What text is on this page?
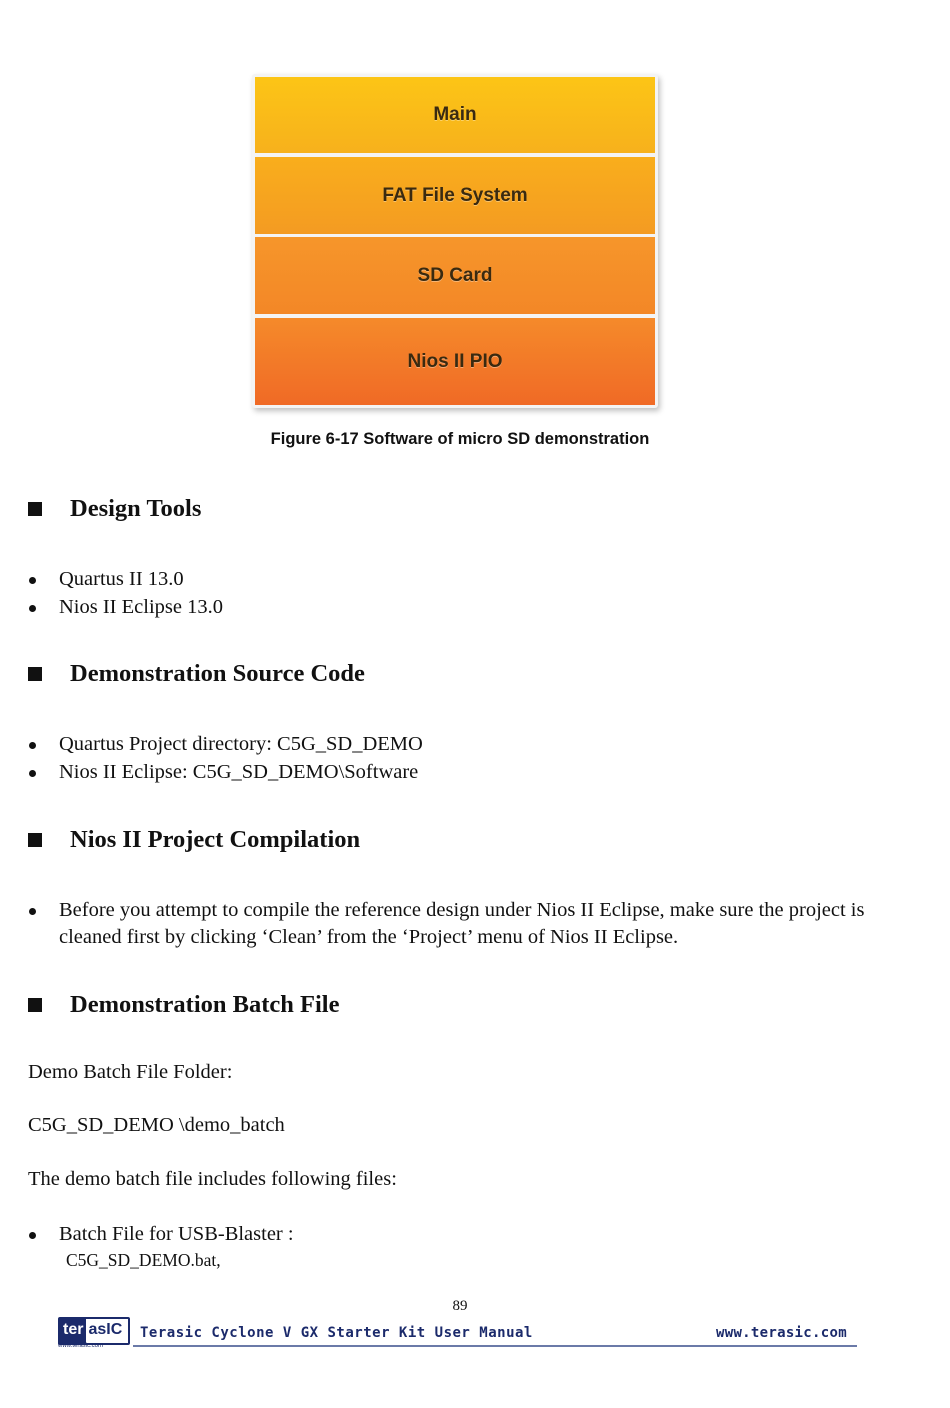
Main
FAT File System
SD Card
Nios II PIO
Figure 6-17 Software of micro SD demonstration
Design Tools
Quartus II 13.0
Nios II Eclipse 13.0
Demonstration Source Code
Quartus Project directory: C5G_SD_DEMO
Nios II Eclipse: C5G_SD_DEMO\Software
Nios II Project Compilation
Before you attempt to compile the reference design under Nios II Eclipse, make sure the project is cleaned first by clicking ‘Clean’ from the ‘Project’ menu of Nios II Eclipse.
Demonstration Batch File
Demo Batch File Folder:
C5G_SD_DEMO \demo_batch
The demo batch file includes following files:
Batch File for USB-Blaster :
C5G_SD_DEMO.bat,
89
ter asIC
www.terasic.com
Terasic Cyclone V GX Starter Kit User Manual	www.terasic.com
